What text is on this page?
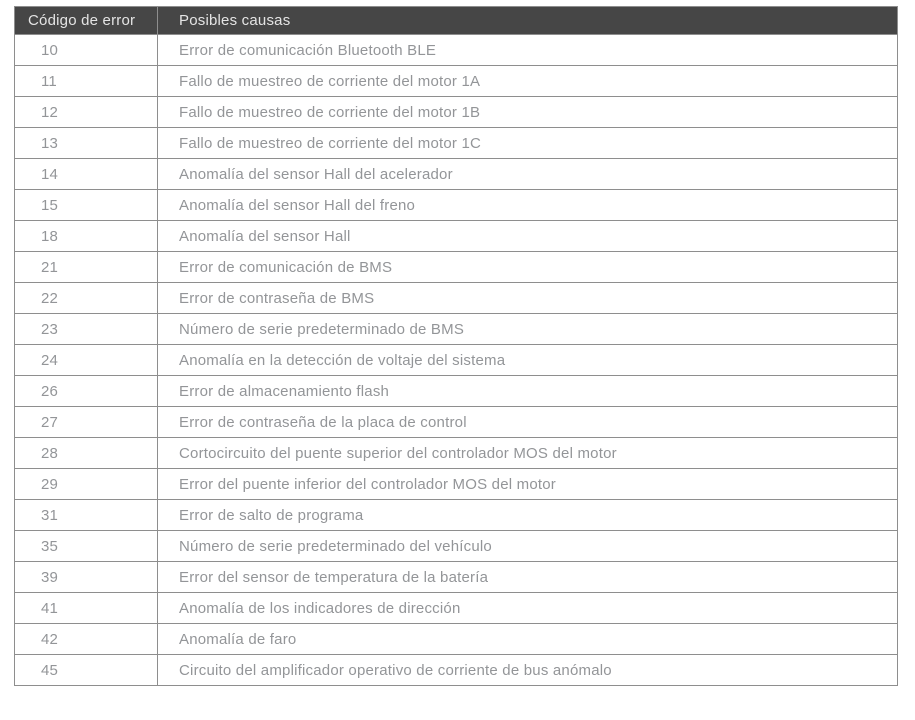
Código de error	Posibles causas
10	Error de comunicación Bluetooth BLE
11	Fallo de muestreo de corriente del motor 1A
12	Fallo de muestreo de corriente del motor 1B
13	Fallo de muestreo de corriente del motor 1C
14	Anomalía del sensor Hall del acelerador
15	Anomalía del sensor Hall del freno
18	Anomalía del sensor Hall
21	Error de comunicación de BMS
22	Error de contraseña de BMS
23	Número de serie predeterminado de BMS
24	Anomalía en la detección de voltaje del sistema
26	Error de almacenamiento flash
27	Error de contraseña de la placa de control
28	Cortocircuito del puente superior del controlador MOS del motor
29	Error del puente inferior del controlador MOS del motor
31	Error de salto de programa
35	Número de serie predeterminado del vehículo
39	Error del sensor de temperatura de la batería
41	Anomalía de los indicadores de dirección
42	Anomalía de faro
45	Circuito del amplificador operativo de corriente de bus anómalo
